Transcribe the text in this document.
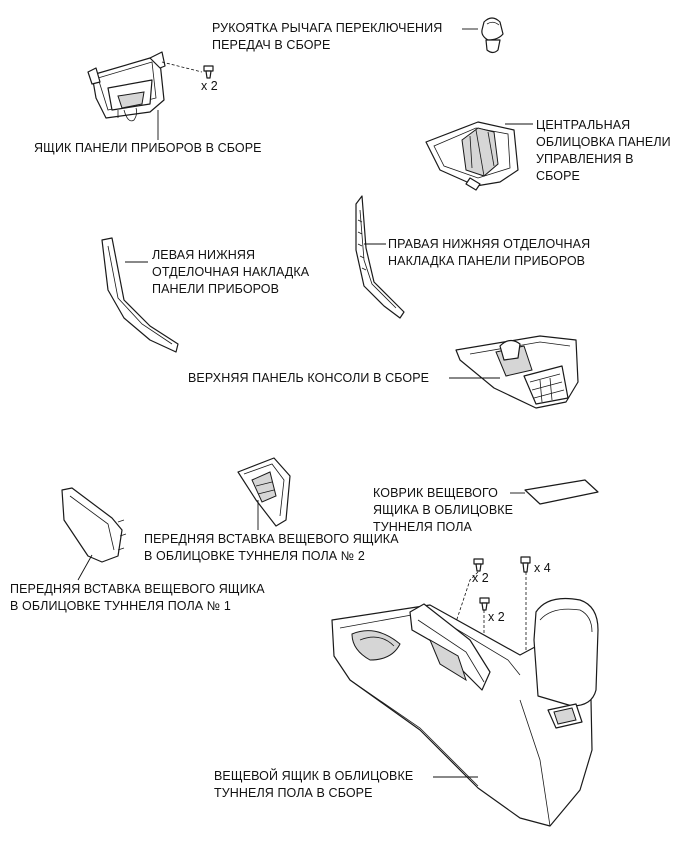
x 2
x 2
x 2
x 4
РУКОЯТКА РЫЧАГА ПЕРЕКЛЮЧЕНИЯ
ПЕРЕДАЧ В СБОРЕ
ЯЩИК ПАНЕЛИ ПРИБОРОВ В СБОРЕ
ЦЕНТРАЛЬНАЯ
ОБЛИЦОВКА ПАНЕЛИ
УПРАВЛЕНИЯ В
СБОРЕ
ЛЕВАЯ НИЖНЯЯ
ОТДЕЛОЧНАЯ НАКЛАДКА
ПАНЕЛИ ПРИБОРОВ
ПРАВАЯ НИЖНЯЯ ОТДЕЛОЧНАЯ
НАКЛАДКА ПАНЕЛИ ПРИБОРОВ
ВЕРХНЯЯ ПАНЕЛЬ КОНСОЛИ В СБОРЕ
КОВРИК ВЕЩЕВОГО
ЯЩИКА В ОБЛИЦОВКЕ
ТУННЕЛЯ ПОЛА
ПЕРЕДНЯЯ ВСТАВКА ВЕЩЕВОГО ЯЩИКА
В ОБЛИЦОВКЕ ТУННЕЛЯ ПОЛА № 2
ПЕРЕДНЯЯ ВСТАВКА ВЕЩЕВОГО ЯЩИКА
В ОБЛИЦОВКЕ ТУННЕЛЯ ПОЛА № 1
ВЕЩЕВОЙ ЯЩИК В ОБЛИЦОВКЕ
ТУННЕЛЯ ПОЛА В СБОРЕ
